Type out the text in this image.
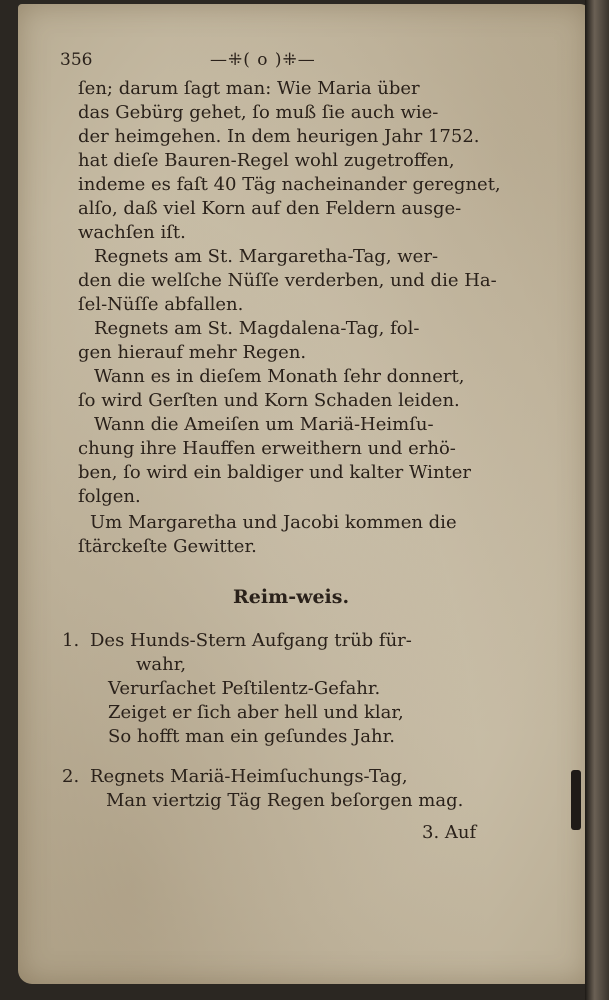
356	—⁜( o )⁜—
ſen; darum ſagt man: Wie Maria über
das Gebürg gehet, ſo muß ſie auch wie-
der heimgehen. In dem heurigen Jahr 1752.
hat dieſe Bauren-Regel wohl zugetroffen,
indeme es faſt 40 Täg nacheinander geregnet,
alſo, daß viel Korn auf den Feldern ausge-
wachſen iſt.
Regnets am St. Margaretha-Tag, wer-
den die welſche Nüſſe verderben, und die Ha-
ſel-Nüſſe abfallen.
Regnets am St. Magdalena-Tag, fol-
gen hierauf mehr Regen.
Wann es in dieſem Monath ſehr donnert,
ſo wird Gerſten und Korn Schaden leiden.
Wann die Ameiſen um Mariä-Heimſu-
chung ihre Hauffen erweithern und erhö-
ben, ſo wird ein baldiger und kalter Winter
folgen.
Um Margaretha und Jacobi kommen die
ſtärckeſte Gewitter.
Reim-weis.
1. Des Hunds-Stern Aufgang trüb für-
wahr,
Verurſachet Peſtilentz-Gefahr.
Zeiget er ſich aber hell und klar,
So hofft man ein geſundes Jahr.
2. Regnets Mariä-Heimſuchungs-Tag,
Man viertzig Täg Regen beſorgen mag.
3. Auf
